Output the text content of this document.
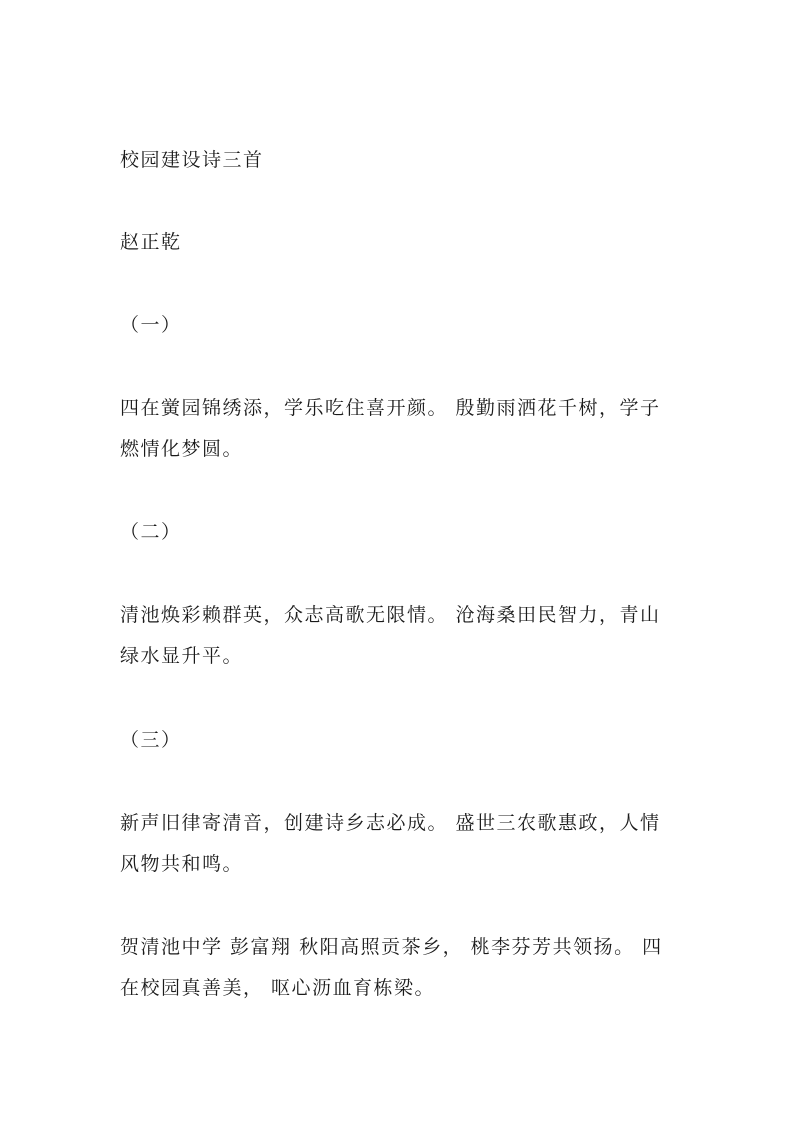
校园建设诗三首

赵正乾

（一）

四在黉园锦绣添，学乐吃住喜开颜。 殷勤雨洒花千树，学子燃情化梦圆。

（二）

清池焕彩赖群英，众志高歌无限情。 沧海桑田民智力，青山绿水显升平。

（三）

新声旧律寄清音，创建诗乡志必成。 盛世三农歌惠政，人情风物共和鸣。

贺清池中学 彭富翔 秋阳高照贡茶乡， 桃李芬芳共领扬。 四在校园真善美， 呕心沥血育栋梁。
